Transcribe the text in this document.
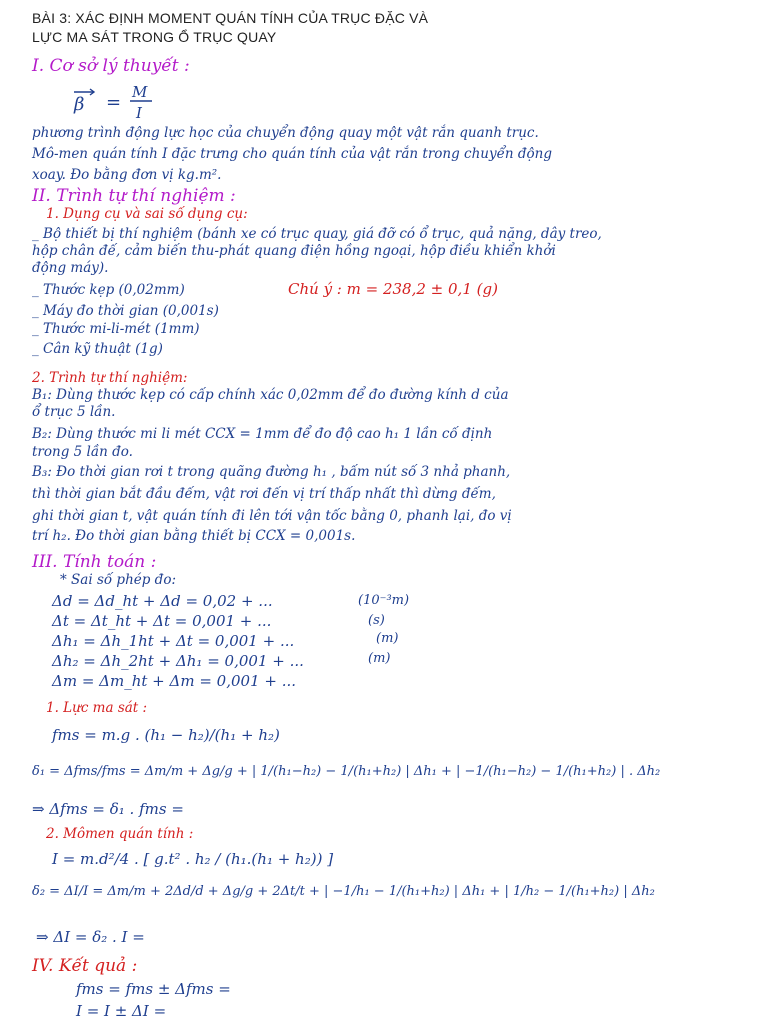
BÀI 3: XÁC ĐỊNH MOMENT QUÁN TÍNH CỦA TRỤC ĐẶC VÀ
LỰC MA SÁT TRONG Ổ TRỤC QUAY
I. Cơ sở lý thuyết :
β = M
I
phương trình động lực học của chuyển động quay một vật rắn quanh trục.
Mô-men quán tính I đặc trưng cho quán tính của vật rắn trong chuyển động
xoay. Đo bằng đơn vị kg.m².
II. Trình tự thí nghiệm :
1. Dụng cụ và sai số dụng cụ:
_ Bộ thiết bị thí nghiệm (bánh xe có trục quay, giá đỡ có ổ trục, quả nặng, dây treo,
hộp chân đế, cảm biến thu-phát quang điện hồng ngoại, hộp điều khiển khởi
động máy).
_ Thước kẹp (0,02mm)
_ Máy đo thời gian (0,001s)
_ Thước mi-li-mét (1mm)
_ Cân kỹ thuật (1g)
Chú ý : m = 238,2 ± 0,1 (g)
2. Trình tự thí nghiệm:
B₁: Dùng thước kẹp có cấp chính xác 0,02mm để đo đường kính d của
ổ trục 5 lần.
B₂: Dùng thước mi li mét CCX = 1mm để đo độ cao h₁ 1 lần cố định
trong 5 lần đo.
B₃: Đo thời gian rơi t trong quãng đường h₁ , bấm nút số 3 nhả phanh,
thì thời gian bắt đầu đếm, vật rơi đến vị trí thấp nhất thì dừng đếm,
ghi thời gian t, vật quán tính đi lên tới vận tốc bằng 0, phanh lại, đo vị
trí h₂. Đo thời gian bằng thiết bị CCX = 0,001s.
III. Tính toán :
* Sai số phép đo:
Δd = Δd_ht + Δd = 0,02 + ...	(10⁻³m)
Δt = Δt_ht + Δt = 0,001 + ...	(s)
Δh₁ = Δh_1ht + Δt = 0,001 + ...	(m)
Δh₂ = Δh_2ht + Δh₁ = 0,001 + ...	(m)
Δm = Δm_ht + Δm = 0,001 + ...
1. Lực ma sát :
fms = m.g . (h₁ − h₂)/(h₁ + h₂)
δ₁ = Δfms/fms = Δm/m + Δg/g + | 1/(h₁−h₂) − 1/(h₁+h₂) | Δh₁ + | −1/(h₁−h₂) − 1/(h₁+h₂) | . Δh₂
⇒ Δfms = δ₁ . fms =
2. Mômen quán tính :
I = m.d²/4 . [ g.t² . h₂ / (h₁.(h₁ + h₂)) ]
δ₂ = ΔI/I = Δm/m + 2Δd/d + Δg/g + 2Δt/t + | −1/h₁ − 1/(h₁+h₂) | Δh₁ + | 1/h₂ − 1/(h₁+h₂) | Δh₂
⇒ ΔI = δ₂ . I =
IV. Kết quả :
fms = fms ± Δfms =
I = I ± ΔI =
